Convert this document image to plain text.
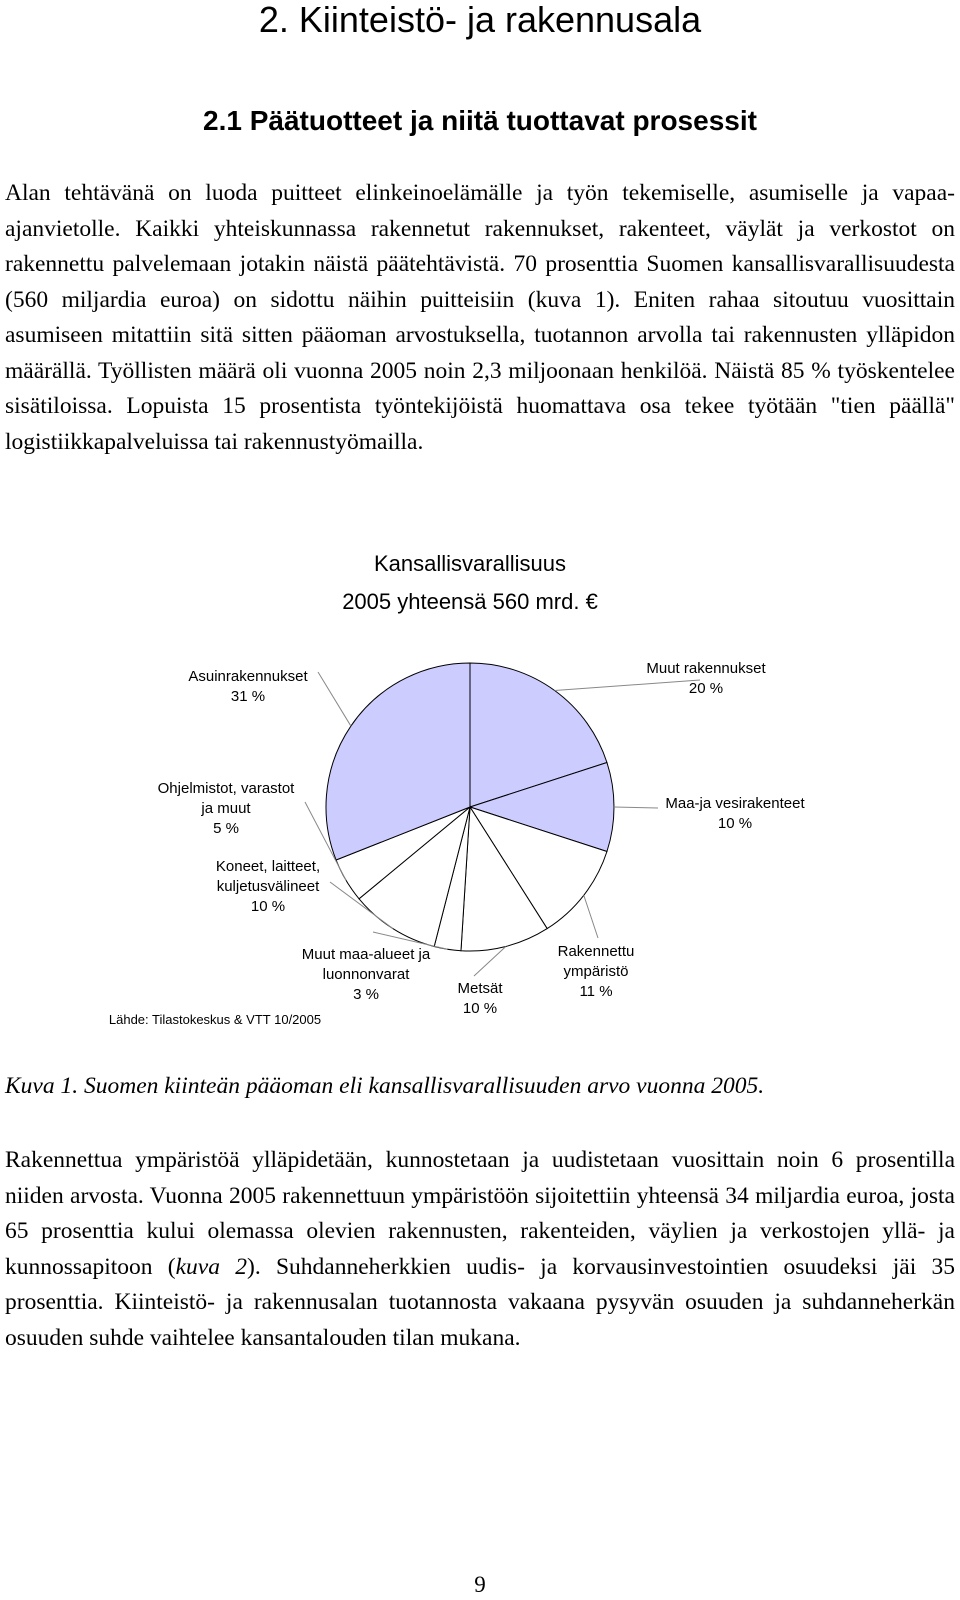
2. Kiinteistö- ja rakennusala
2.1 Päätuotteet ja niitä tuottavat prosessit

Alan tehtävänä on luoda puitteet elinkeinoelämälle ja työn tekemiselle, asumiselle ja vapaa-ajanvietolle. Kaikki yhteiskunnassa rakennetut rakennukset, rakenteet, väylät ja verkostot on rakennettu palvelemaan jotakin näistä päätehtävistä. 70 prosenttia Suomen kansallisvarallisuudesta (560 miljardia euroa) on sidottu näihin puitteisiin (kuva 1). Eniten rahaa sitoutuu vuosittain asumiseen mitattiin sitä sitten pääoman arvostuksella, tuotannon arvolla tai rakennusten ylläpidon määrällä. Työllisten määrä oli vuonna 2005 noin 2,3 miljoonaan henkilöä. Näistä 85 % työskentelee sisätiloissa. Lopuista 15 prosentista työntekijöistä huomattava osa tekee työtään "tien päällä" logistiikkapalveluissa tai rakennustyömailla.

Kansallisvarallisuus
2005 yhteensä 560 mrd. €
Muut rakennukset
20 %
Maa-ja vesirakenteet
10 %
Rakennettu
ympäristö
11 %
Metsät
10 %
Muut maa-alueet ja
luonnonvarat
3 %
Koneet, laitteet,
kuljetusvälineet
10 %
Ohjelmistot, varastot
ja muut
5 %
Asuinrakennukset
31 %
Lähde: Tilastokeskus & VTT 10/2005

Kuva 1. Suomen kiinteän pääoman eli kansallisvarallisuuden arvo vuonna 2005.

Rakennettua ympäristöä ylläpidetään, kunnostetaan ja uudistetaan vuosittain noin 6 prosentilla niiden arvosta. Vuonna 2005 rakennettuun ympäristöön sijoitettiin yhteensä 34 miljardia euroa, josta 65 prosenttia kului olemassa olevien rakennusten, rakenteiden, väylien ja verkostojen yllä- ja kunnossapitoon (kuva 2). Suhdanneherkkien uudis- ja korvausinvestointien osuudeksi jäi 35 prosenttia. Kiinteistö- ja rakennusalan tuotannosta vakaana pysyvän osuuden ja suhdanneherkän osuuden suhde vaihtelee kansantalouden tilan mukana.

9
